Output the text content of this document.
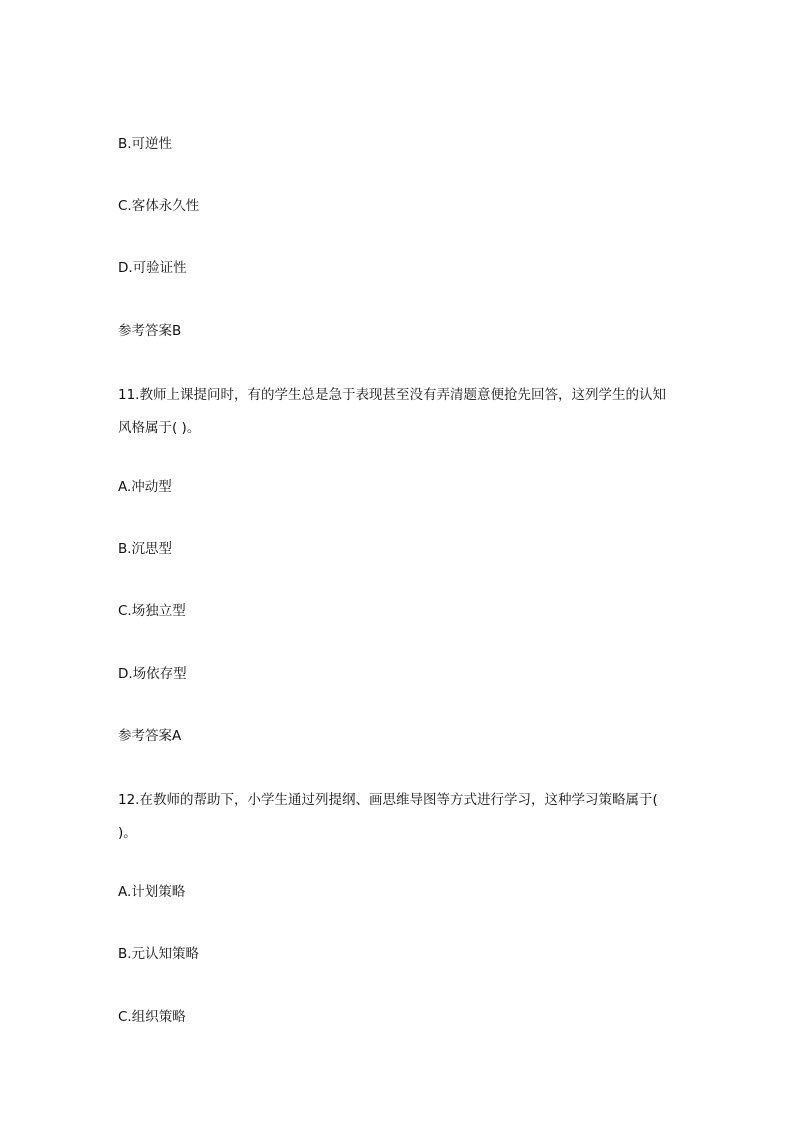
B.可逆性
C.客体永久性
D.可验证性
参考答案B
11.教师上课提问时，有的学生总是急于表现甚至没有弄清题意便抢先回答，这列学生的认知风格属于( )。
A.冲动型
B.沉思型
C.场独立型
D.场依存型
参考答案A
12.在教师的帮助下，小学生通过列提纲、画思维导图等方式进行学习，这种学习策略属于( )。
A.计划策略
B.元认知策略
C.组织策略
